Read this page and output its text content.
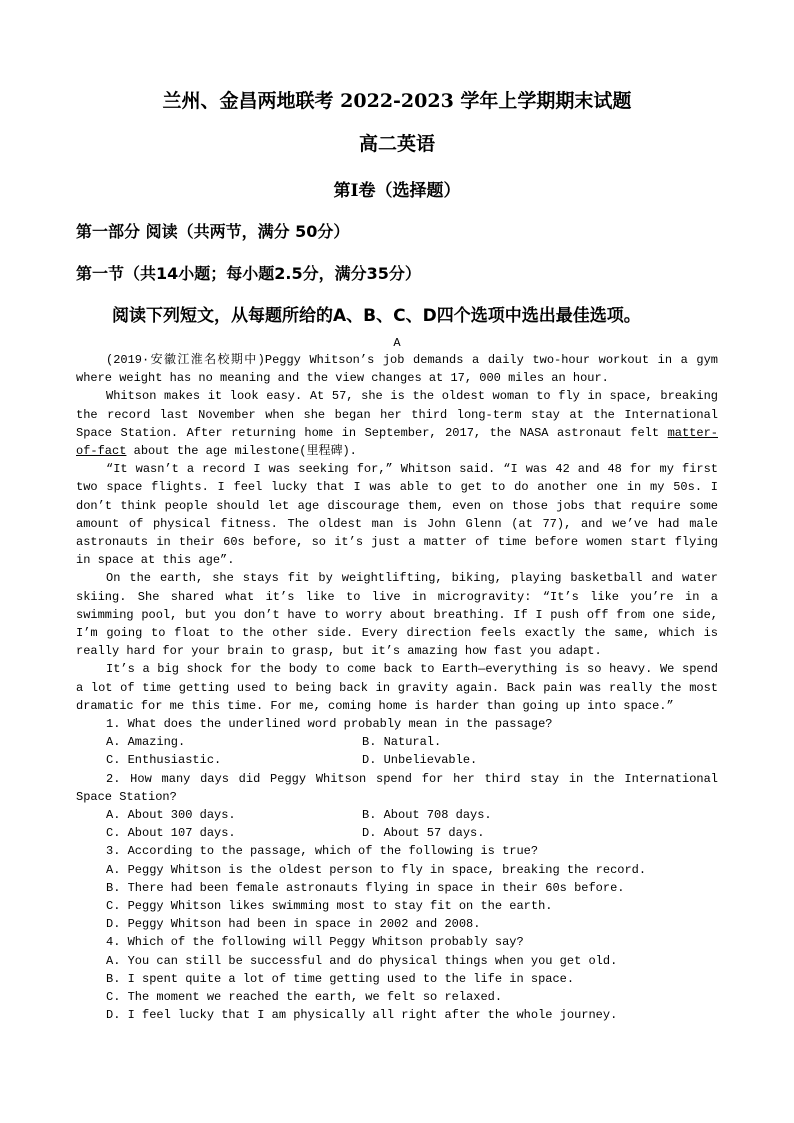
兰州、金昌两地联考 2022-2023 学年上学期期末试题
高二英语
第Ⅰ卷（选择题）
第一部分 阅读（共两节，满分 50分）
第一节（共14小题；每小题2.5分，满分35分）
阅读下列短文，从每题所给的A、B、C、D四个选项中选出最佳选项。
A

(2019·安徽江淮名校期中)Peggy Whitson’s job demands a daily two-hour workout in a gym where weight has no meaning and the view changes at 17, 000 miles an hour.

Whitson makes it look easy. At 57, she is the oldest woman to fly in space, breaking the record last November when she began her third long-term stay at the International Space Station. After returning home in September, 2017, the NASA astronaut felt matter-of-fact about the age milestone(里程碑).

“It wasn’t a record I was seeking for,” Whitson said. “I was 42 and 48 for my first two space flights. I feel lucky that I was able to get to do another one in my 50s. I don’t think people should let age discourage them, even on those jobs that require some amount of physical fitness. The oldest man is John Glenn (at 77), and we’ve had male astronauts in their 60s before, so it’s just a matter of time before women start flying in space at this age”.

On the earth, she stays fit by weightlifting, biking, playing basketball and water skiing. She shared what it’s like to live in microgravity: “It’s like you’re in a swimming pool, but you don’t have to worry about breathing. If I push off from one side, I’m going to float to the other side. Every direction feels exactly the same, which is really hard for your brain to grasp, but it’s amazing how fast you adapt.

It’s a big shock for the body to come back to Earth—everything is so heavy. We spend a lot of time getting used to being back in gravity again. Back pain was really the most dramatic for me this time. For me, coming home is harder than going up into space.”

1. What does the underlined word probably mean in the passage?

A. Amazing.	B. Natural.
C. Enthusiastic.	D. Unbelievable.

2. How many days did Peggy Whitson spend for her third stay in the International Space Station?

A. About 300 days.	B. About 708 days.
C. About 107 days.	D. About 57 days.

3. According to the passage, which of the following is true?

A. Peggy Whitson is the oldest person to fly in space, breaking the record.
B. There had been female astronauts flying in space in their 60s before.
C. Peggy Whitson likes swimming most to stay fit on the earth.
D. Peggy Whitson had been in space in 2002 and 2008.

4. Which of the following will Peggy Whitson probably say?

A. You can still be successful and do physical things when you get old.
B. I spent quite a lot of time getting used to the life in space.
C. The moment we reached the earth, we felt so relaxed.
D. I feel lucky that I am physically all right after the whole journey.
